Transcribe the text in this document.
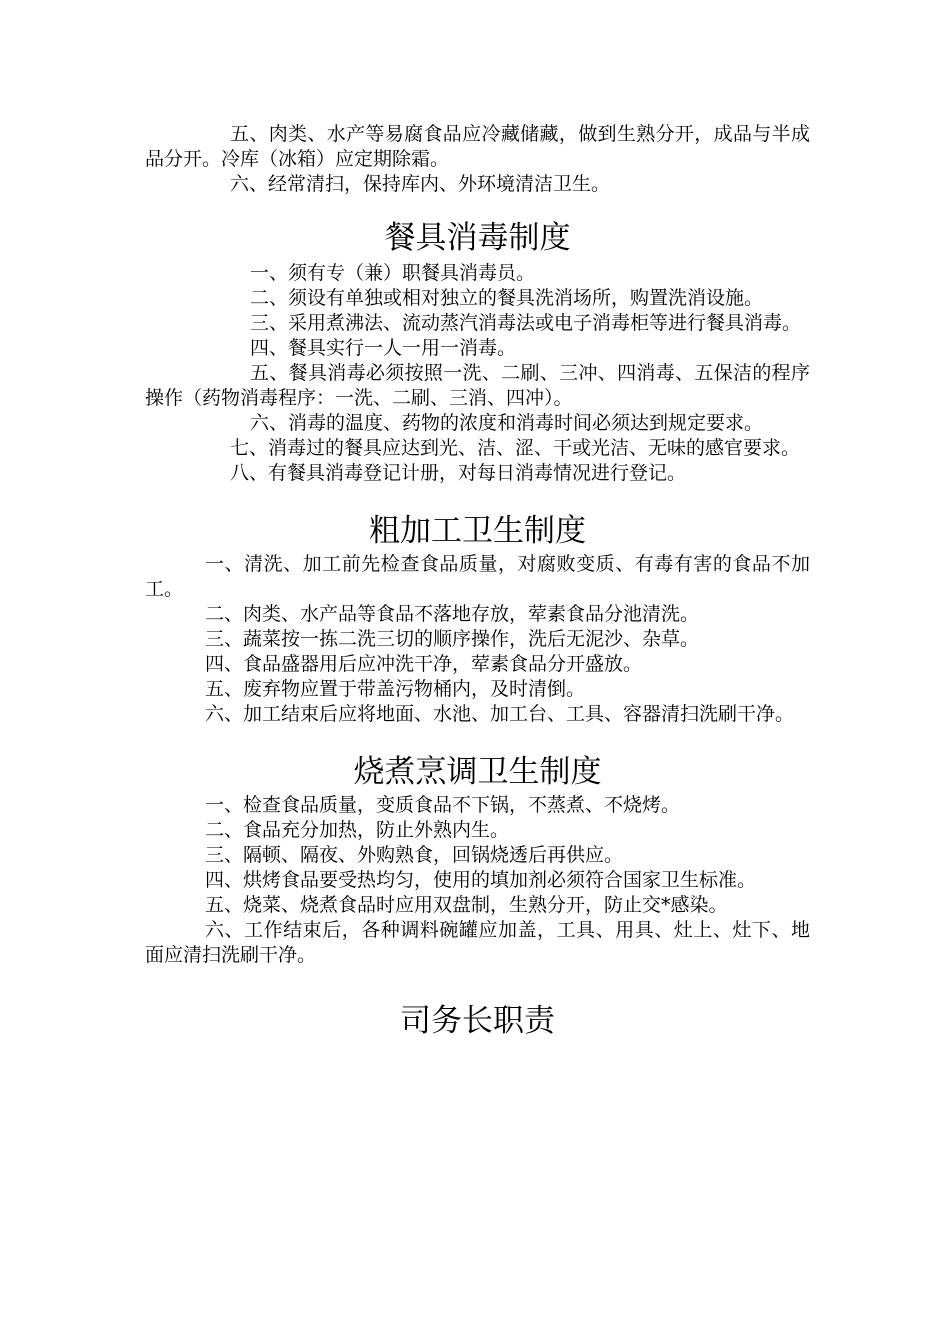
五、肉类、水产等易腐食品应冷藏储藏，做到生熟分开，成品与半成品分开。冷库（冰箱）应定期除霜。

六、经常清扫，保持库内、外环境清洁卫生。

餐具消毒制度

一、须有专（兼）职餐具消毒员。

二、须设有单独或相对独立的餐具洗消场所，购置洗消设施。

三、采用煮沸法、流动蒸汽消毒法或电子消毒柜等进行餐具消毒。

四、餐具实行一人一用一消毒。

五、餐具消毒必须按照一洗、二刷、三冲、四消毒、五保洁的程序操作（药物消毒程序：一洗、二刷、三消、四冲）。

六、消毒的温度、药物的浓度和消毒时间必须达到规定要求。

七、消毒过的餐具应达到光、洁、涩、干或光洁、无味的感官要求。

八、有餐具消毒登记计册，对每日消毒情况进行登记。

粗加工卫生制度

一、清洗、加工前先检查食品质量，对腐败变质、有毒有害的食品不加工。

二、肉类、水产品等食品不落地存放，荤素食品分池清洗。

三、蔬菜按一拣二洗三切的顺序操作，洗后无泥沙、杂草。

四、食品盛器用后应冲洗干净，荤素食品分开盛放。

五、废弃物应置于带盖污物桶内，及时清倒。

六、加工结束后应将地面、水池、加工台、工具、容器清扫洗刷干净。

烧煮烹调卫生制度

一、检查食品质量，变质食品不下锅，不蒸煮、不烧烤。

二、食品充分加热，防止外熟内生。

三、隔顿、隔夜、外购熟食，回锅烧透后再供应。

四、烘烤食品要受热均匀，使用的填加剂必须符合国家卫生标准。

五、烧菜、烧煮食品时应用双盘制，生熟分开，防止交*感染。

六、工作结束后，各种调料碗罐应加盖，工具、用具、灶上、灶下、地面应清扫洗刷干净。

司务长职责
